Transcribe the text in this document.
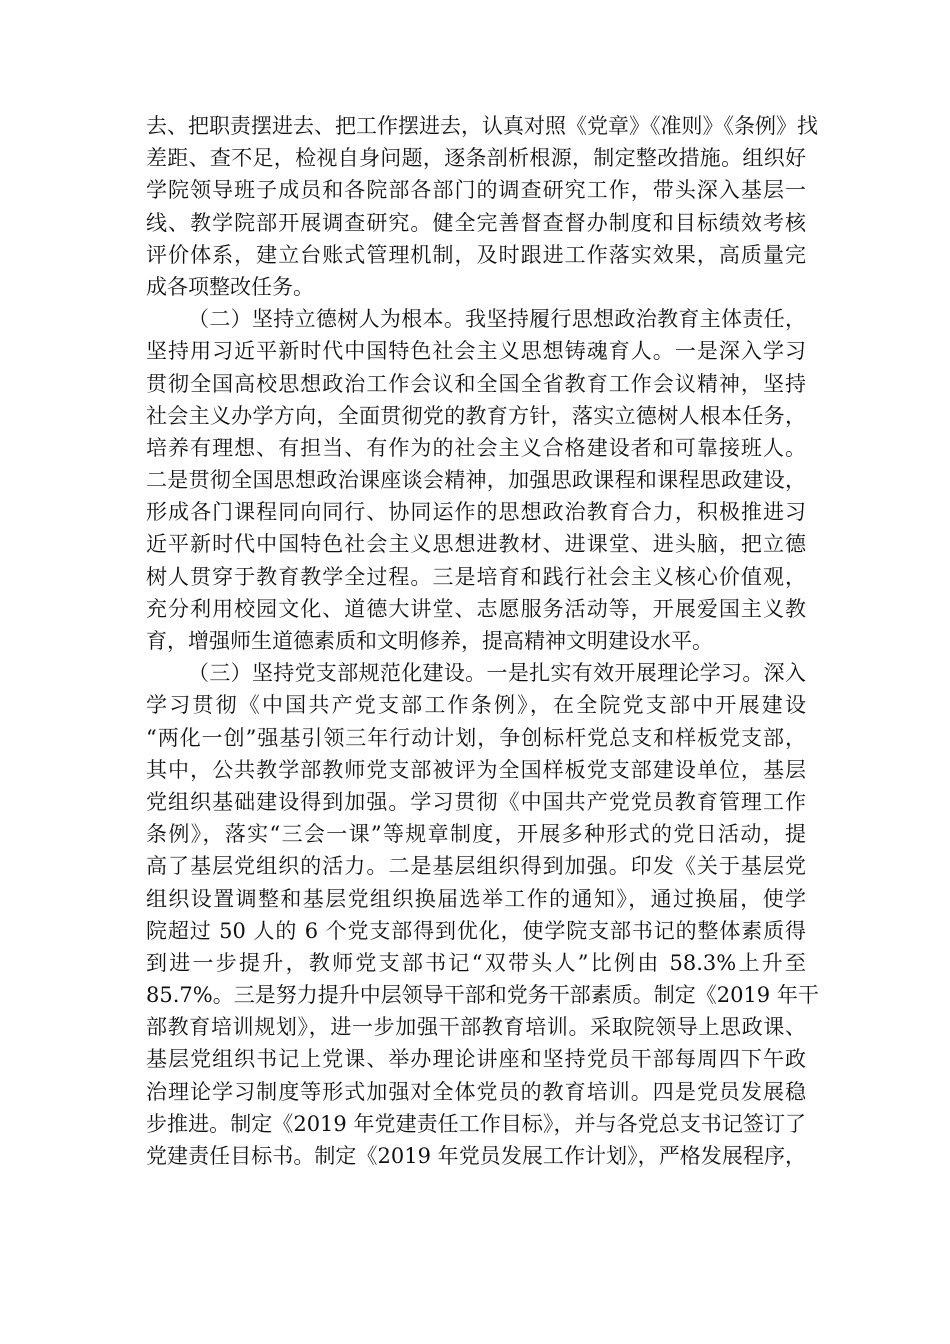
去、把职责摆进去、把工作摆进去，认真对照《党章》《准则》《条例》找
差距、查不足，检视自身问题，逐条剖析根源，制定整改措施。组织好
学院领导班子成员和各院部各部门的调查研究工作，带头深入基层一
线、教学院部开展调查研究。健全完善督查督办制度和目标绩效考核
评价体系，建立台账式管理机制，及时跟进工作落实效果，高质量完
成各项整改任务。
（二）坚持立德树人为根本。我坚持履行思想政治教育主体责任，
坚持用习近平新时代中国特色社会主义思想铸魂育人。一是深入学习
贯彻全国高校思想政治工作会议和全国全省教育工作会议精神，坚持
社会主义办学方向，全面贯彻党的教育方针，落实立德树人根本任务，
培养有理想、有担当、有作为的社会主义合格建设者和可靠接班人。
二是贯彻全国思想政治课座谈会精神，加强思政课程和课程思政建设，
形成各门课程同向同行、协同运作的思想政治教育合力，积极推进习
近平新时代中国特色社会主义思想进教材、进课堂、进头脑，把立德
树人贯穿于教育教学全过程。三是培育和践行社会主义核心价值观，
充分利用校园文化、道德大讲堂、志愿服务活动等，开展爱国主义教
育，增强师生道德素质和文明修养，提高精神文明建设水平。
（三）坚持党支部规范化建设。一是扎实有效开展理论学习。深入
学习贯彻《中国共产党支部工作条例》，在全院党支部中开展建设
“两化一创”强基引领三年行动计划，争创标杆党总支和样板党支部，
其中，公共教学部教师党支部被评为全国样板党支部建设单位，基层
党组织基础建设得到加强。学习贯彻《中国共产党党员教育管理工作
条例》，落实“三会一课”等规章制度，开展多种形式的党日活动，提
高了基层党组织的活力。二是基层组织得到加强。印发《关于基层党
组织设置调整和基层党组织换届选举工作的通知》，通过换届，使学
院超过 50 人的 6 个党支部得到优化，使学院支部书记的整体素质得
到进一步提升，教师党支部书记“双带头人”比例由 58.3%上升至
85.7%。三是努力提升中层领导干部和党务干部素质。制定《2019 年干
部教育培训规划》，进一步加强干部教育培训。采取院领导上思政课、
基层党组织书记上党课、举办理论讲座和坚持党员干部每周四下午政
治理论学习制度等形式加强对全体党员的教育培训。四是党员发展稳
步推进。制定《2019 年党建责任工作目标》，并与各党总支书记签订了
党建责任目标书。制定《2019 年党员发展工作计划》，严格发展程序，
